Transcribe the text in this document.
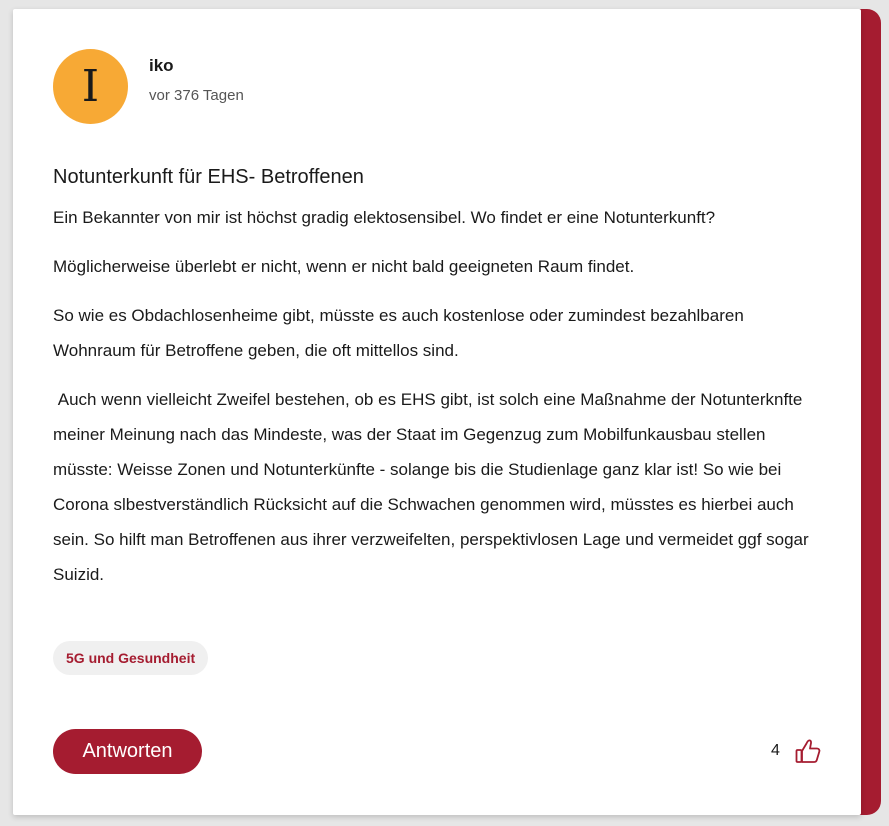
I	iko
vor 376 Tagen
Notunterkunft für EHS- Betroffenen

Ein Bekannter von mir ist höchst gradig elektosensibel. Wo findet er eine Notunterkunft?

Möglicherweise überlebt er nicht, wenn er nicht bald geeigneten Raum findet.

So wie es Obdachlosenheime gibt, müsste es auch kostenlose oder zumindest bezahlbaren Wohnraum für Betroffene geben, die oft mittellos sind.

Auch wenn vielleicht Zweifel bestehen, ob es EHS gibt, ist solch eine Maßnahme der Notunterknfte meiner Meinung nach das Mindeste, was der Staat im Gegenzug zum Mobilfunkausbau stellen müsste: Weisse Zonen und Notunterkünfte - solange bis die Studienlage ganz klar ist! So wie bei Corona slbestverständlich Rücksicht auf die Schwachen genommen wird, müsstes es hierbei auch sein. So hilft man Betroffenen aus ihrer verzweifelten, perspektivlosen Lage und vermeidet ggf sogar Suizid.

5G und Gesundheit
Antworten	4
